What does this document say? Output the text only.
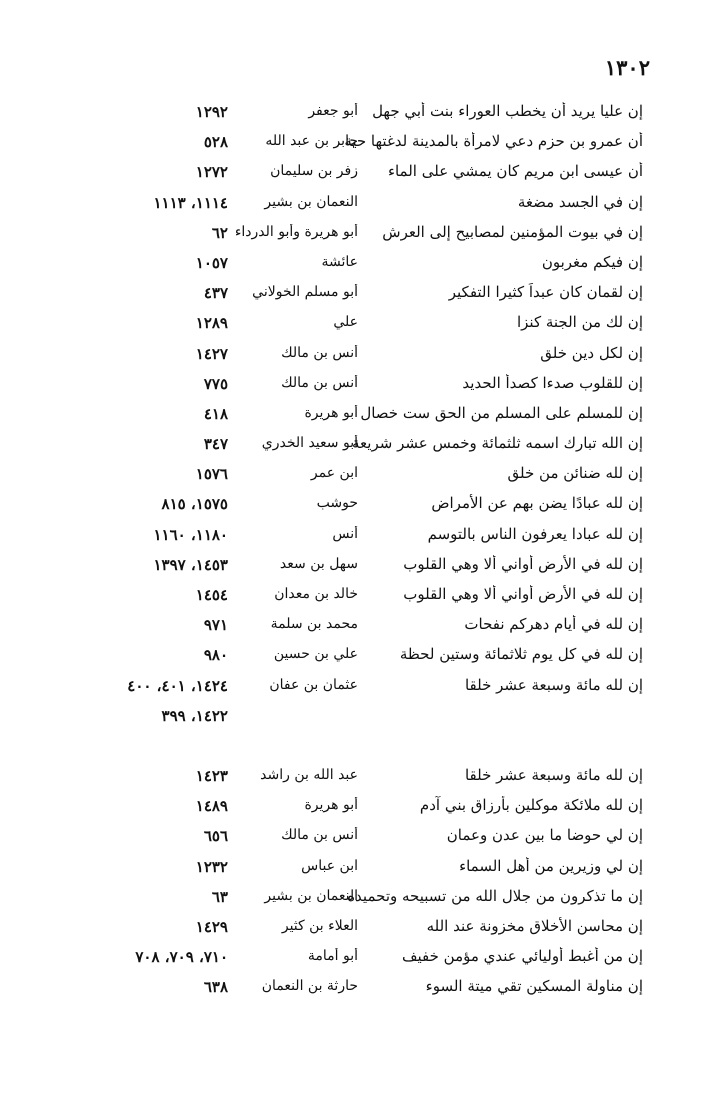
١٣٠٢
إن عليا يريد أن يخطب العوراء بنت أبي جهل
أبو جعفر
١٢٩٢
أن عمرو بن حزم دعي لامرأة بالمدينة لدغتها حية
جابر بن عبد الله
٥٢٨
أن عيسى ابن مريم كان يمشي على الماء
زفر بن سليمان
١٢٧٢
إن في الجسد مضغة
النعمان بن بشير
١١١٤، ١١١٣
إن في بيوت المؤمنين لمصابيح إلى العرش
أبو هريرة وأبو الدرداء
٦٢
إن فيكم مغربون
عائشة
١٠٥٧
إن لقمان كان عبداً كثيرا التفكير
أبو مسلم الخولاني
٤٣٧
إن لك من الجنة كنزا
علي
١٢٨٩
إن لكل دين خلق
أنس بن مالك
١٤٢٧
إن للقلوب صدءا كصدأ الحديد
أنس بن مالك
٧٧٥
إن للمسلم على المسلم من الحق ست خصال
أبو هريرة
٤١٨
إن الله تبارك اسمه ثلثمائة وخمس عشر شريعة
أبو سعيد الخدري
٣٤٧
إن لله ضنائن من خلق
ابن عمر
١٥٧٦
إن لله عبادًا يضن بهم عن الأمراض
حوشب
١٥٧٥، ٨١٥
إن لله عبادا يعرفون الناس بالتوسم
أنس
١١٨٠، ١١٦٠
إن لله في الأرض أواني ألا وهي القلوب
سهل بن سعد
١٤٥٣، ١٣٩٧
إن لله في الأرض أواني ألا وهي القلوب
خالد بن معدان
١٤٥٤
إن لله في أيام دهركم نفحات
محمد بن سلمة
٩٧١
إن لله في كل يوم ثلاثمائة وستين لحظة
علي بن حسين
٩٨٠
إن لله مائة وسبعة عشر خلقا
عثمان بن عفان
١٤٢٤، ٤٠١، ٤٠٠
١٤٢٢، ٣٩٩
إن لله مائة وسبعة عشر خلقا
عبد الله بن راشد
١٤٢٣
إن لله ملائكة موكلين بأرزاق بني آدم
أبو هريرة
١٤٨٩
إن لي حوضا ما بين عدن وعمان
أنس بن مالك
٦٥٦
إن لي وزيرين من أهل السماء
ابن عباس
١٢٣٢
إن ما تذكرون من جلال الله من تسبيحه وتحميده
النعمان بن بشير
٦٣
إن محاسن الأخلاق مخزونة عند الله
العلاء بن كثير
١٤٢٩
إن من أغبط أوليائي عندي مؤمن خفيف
أبو أمامة
٧١٠، ٧٠٩، ٧٠٨
إن مناولة المسكين تقي ميتة السوء
حارثة بن النعمان
٦٣٨
